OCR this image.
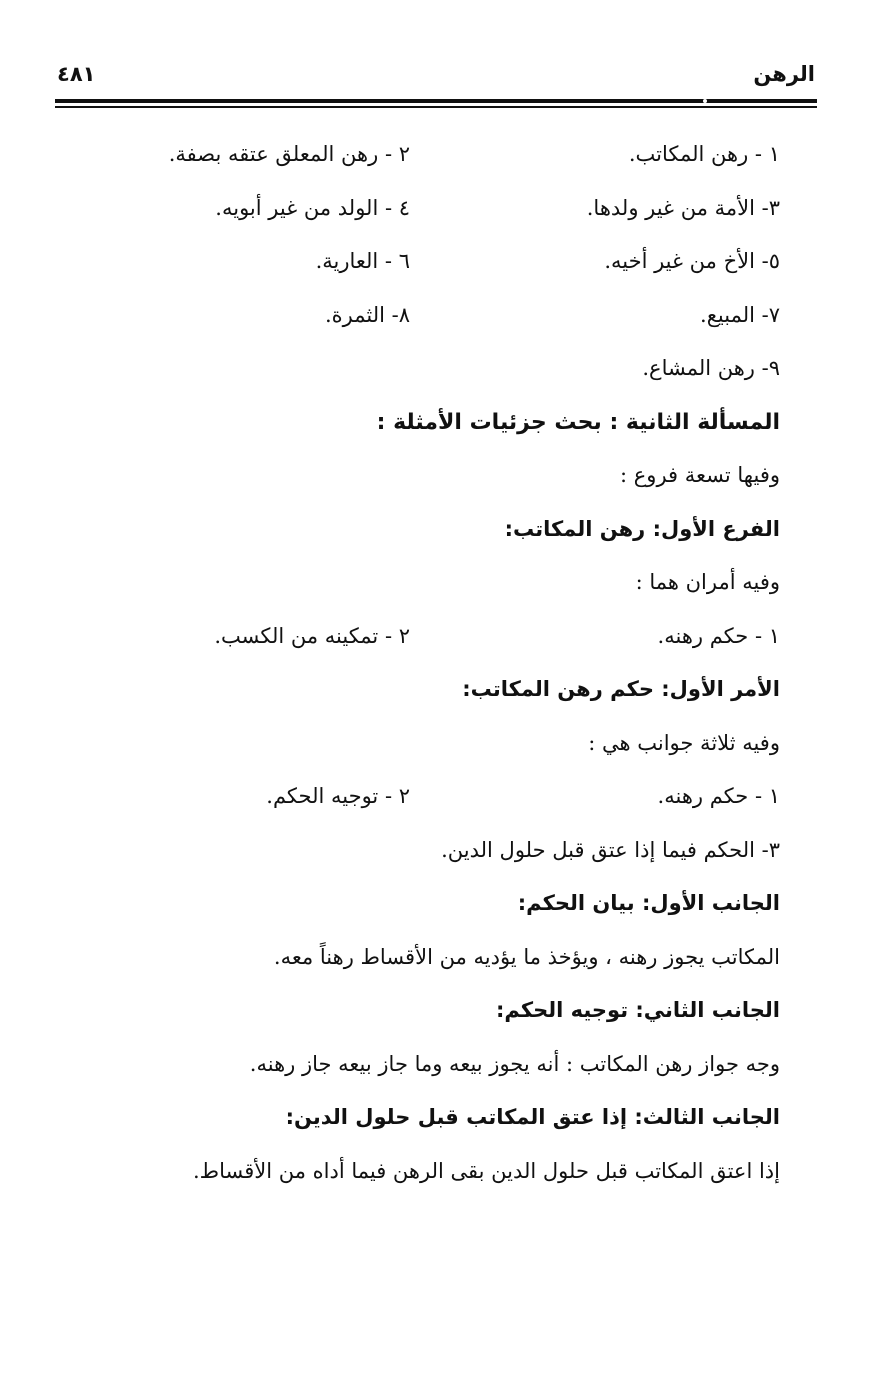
الرهن
٤٨١
١ - رهن المكاتب.
٢ - رهن المعلق عتقه بصفة.
٣- الأمة من غير ولدها.
٤ - الولد من غير أبويه.
٥- الأخ من غير أخيه.
٦ - العارية.
٧- المبيع.
٨- الثمرة.
٩- رهن المشاع.
المسألة الثانية : بحث جزئيات الأمثلة :
وفيها تسعة فروع :
الفرع الأول: رهن المكاتب:
وفيه أمران هما :
١ - حكم رهنه.
٢ - تمكينه من الكسب.
الأمر الأول: حكم رهن المكاتب:
وفيه ثلاثة جوانب هي :
١ - حكم رهنه.
٢ - توجيه الحكم.
٣- الحكم فيما إذا عتق قبل حلول الدين.
الجانب الأول: بيان الحكم:
المكاتب يجوز رهنه ، ويؤخذ ما يؤديه من الأقساط رهناً معه.
الجانب الثاني: توجيه الحكم:
وجه جواز رهن المكاتب : أنه يجوز بيعه وما جاز بيعه جاز رهنه.
الجانب الثالث: إذا عتق المكاتب قبل حلول الدين:
إذا اعتق المكاتب قبل حلول الدين بقى الرهن فيما أداه من الأقساط.
